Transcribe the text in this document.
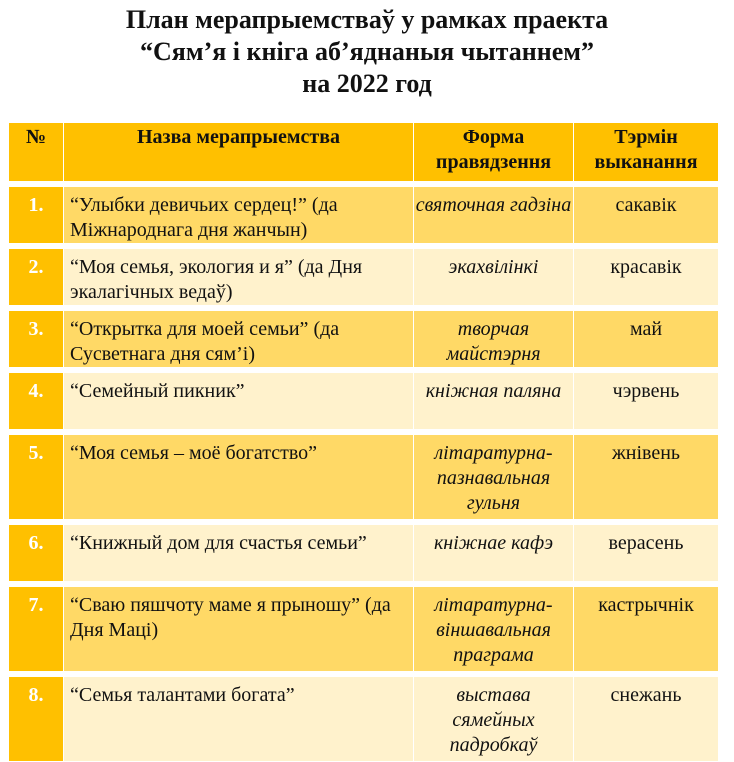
План мерапрыемстваў у рамках праекта
“Сям’я і кніга аб’яднаныя чытаннем”
на 2022 год
№	Назва мерапрыемства	Форма правядзення	Тэрмін выканання

1.	“Улыбки девичьих сердец!” (да Міжнароднага дня жанчын)	святочная гадзіна	сакавік

2.	“Моя семья, экология и я” (да Дня экалагічных ведаў)	экахвілінкі	красавік

3.	“Открытка для моей семьи” (да Сусветнага дня сям’і)	творчая майстэрня	май

4.	“Семейный пикник”	кніжная паляна	чэрвень

5.	“Моя семья – моё богатство”	літаратурна-пазнавальная гульня	жнівень

6.	“Книжный дом для счастья семьи”	кніжнае кафэ	верасень

7.	“Сваю пяшчоту маме я прыношу” (да Дня Маці)	літаратурна-віншавальная праграма	кастрычнік

8.	“Семья талантами богата”	выстава сямейных падробкаў	снежань
